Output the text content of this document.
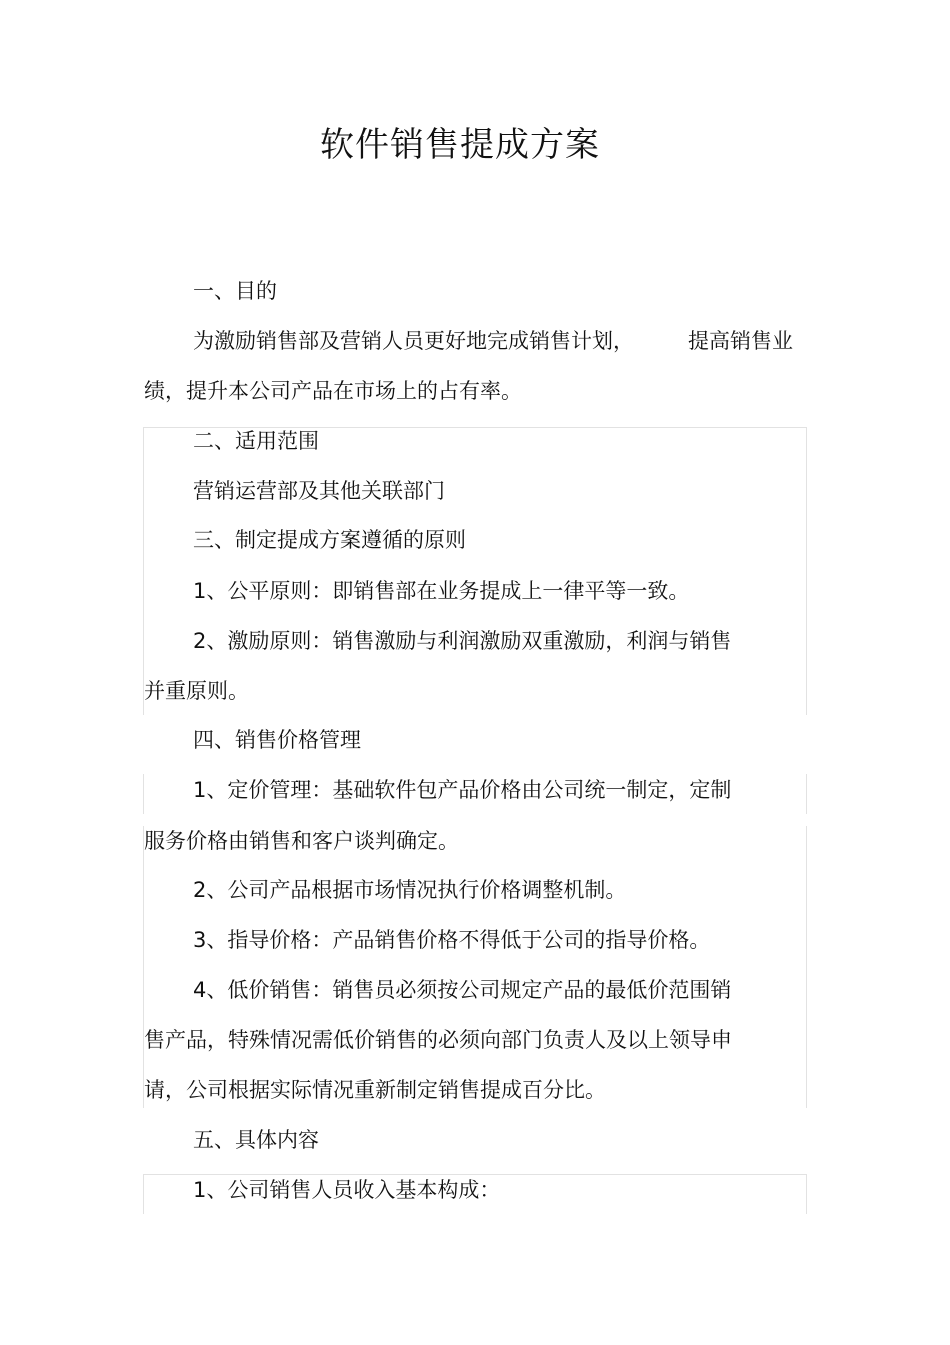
软件销售提成方案
一、目的
为激励销售部及营销人员更好地完成销售计划，	提高销售业
绩，提升本公司产品在市场上的占有率。
二、适用范围
营销运营部及其他关联部门
三、制定提成方案遵循的原则
1、公平原则：即销售部在业务提成上一律平等一致。
2、激励原则：销售激励与利润激励双重激励，利润与销售
并重原则。
四、销售价格管理
1、定价管理：基础软件包产品价格由公司统一制定，定制
服务价格由销售和客户谈判确定。
2、公司产品根据市场情况执行价格调整机制。
3、指导价格：产品销售价格不得低于公司的指导价格。
4、低价销售：销售员必须按公司规定产品的最低价范围销
售产品，特殊情况需低价销售的必须向部门负责人及以上领导申
请，公司根据实际情况重新制定销售提成百分比。
五、具体内容
1、公司销售人员收入基本构成：
